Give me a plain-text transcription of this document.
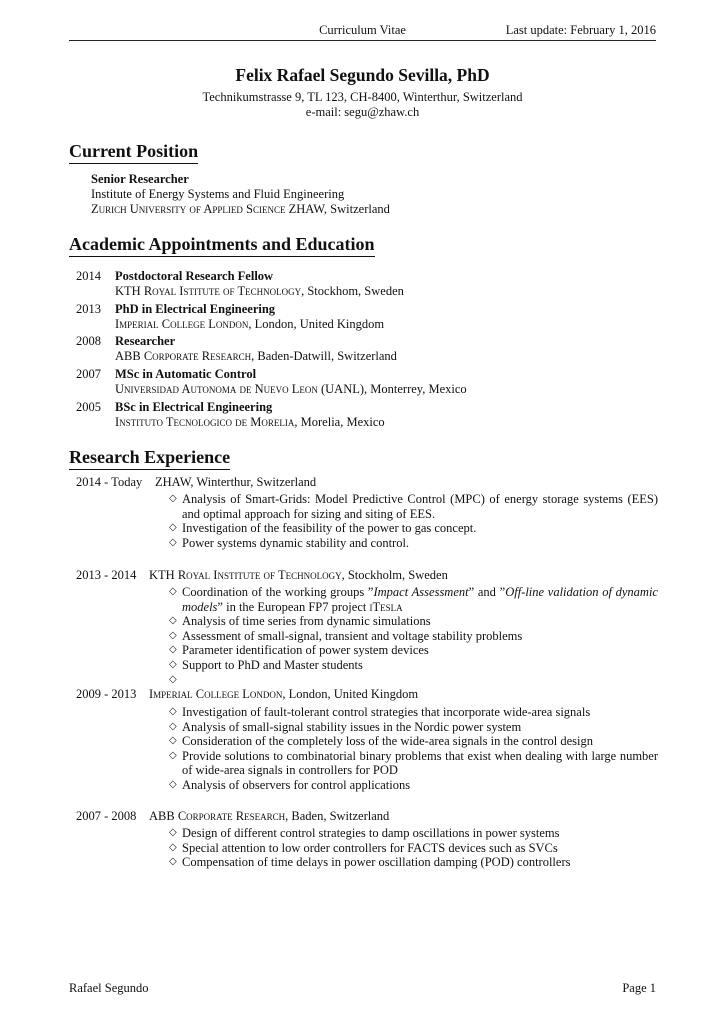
Curriculum Vitae	Last update: February 1, 2016
Felix Rafael Segundo Sevilla, PhD
Technikumstrasse 9, TL 123, CH-8400, Winterthur, Switzerland
e-mail: segu@zhaw.ch
Current Position
Senior Researcher
Institute of Energy Systems and Fluid Engineering
Zurich University of Applied Science ZHAW, Switzerland
Academic Appointments and Education
2014 Postdoctoral Research Fellow
KTH Royal Istitute of Technology, Stockhom, Sweden
2013 PhD in Electrical Engineering
Imperial College London, London, United Kingdom
2008 Researcher
ABB Corporate Research, Baden-Datwill, Switzerland
2007 MSc in Automatic Control
Universidad Autonoma de Nuevo Leon (UANL), Monterrey, Mexico
2005 BSc in Electrical Engineering
Instituto Tecnologico de Morelia, Morelia, Mexico
Research Experience
2014 - Today ZHAW, Winterthur, Switzerland
◇ Analysis of Smart-Grids: Model Predictive Control (MPC) of energy storage systems (EES) and optimal approach for sizing and siting of EES.
◇ Investigation of the feasibility of the power to gas concept.
◇ Power systems dynamic stability and control.
2013 - 2014 KTH Royal Institute of Technology, Stockholm, Sweden
◇ Coordination of the working groups ”Impact Assessment” and ”Off-line validation of dynamic models” in the European FP7 project iTesla
◇ Analysis of time series from dynamic simulations
◇ Assessment of small-signal, transient and voltage stability problems
◇ Parameter identification of power system devices
◇ Support to PhD and Master students
◇
2009 - 2013 Imperial College London, London, United Kingdom
◇ Investigation of fault-tolerant control strategies that incorporate wide-area signals
◇ Analysis of small-signal stability issues in the Nordic power system
◇ Consideration of the completely loss of the wide-area signals in the control design
◇ Provide solutions to combinatorial binary problems that exist when dealing with large number of wide-area signals in controllers for POD
◇ Analysis of observers for control applications
2007 - 2008 ABB Corporate Research, Baden, Switzerland
◇ Design of different control strategies to damp oscillations in power systems
◇ Special attention to low order controllers for FACTS devices such as SVCs
◇ Compensation of time delays in power oscillation damping (POD) controllers
Rafael Segundo	Page 1
